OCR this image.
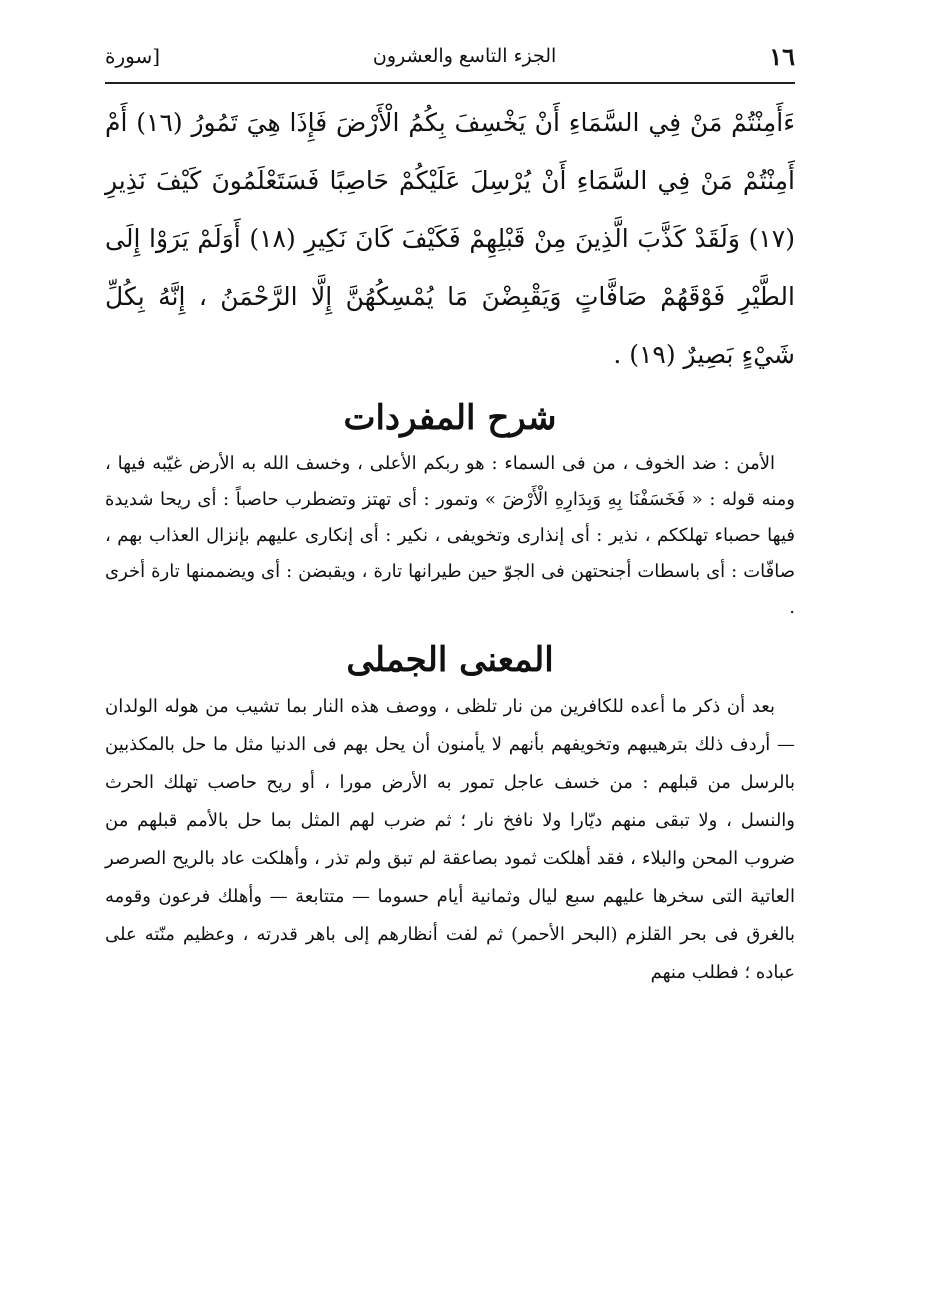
١٦
الجزء التاسع والعشرون
[سورة
ءَأَمِنْتُمْ مَنْ فِي السَّمَاءِ أَنْ يَخْسِفَ بِكُمُ الْأَرْضَ فَإِذَا هِيَ تَمُورُ (١٦) أَمْ أَمِنْتُمْ مَنْ فِي السَّمَاءِ أَنْ يُرْسِلَ عَلَيْكُمْ حَاصِبًا فَسَتَعْلَمُونَ كَيْفَ نَذِيرِ (١٧) وَلَقَدْ كَذَّبَ الَّذِينَ مِنْ قَبْلِهِمْ فَكَيْفَ كَانَ نَكِيرِ (١٨) أَوَلَمْ يَرَوْا إِلَى الطَّيْرِ فَوْقَهُمْ صَافَّاتٍ وَيَقْبِضْنَ مَا يُمْسِكُهُنَّ إِلَّا الرَّحْمَنُ ، إِنَّهُ بِكُلِّ شَيْءٍ بَصِيرٌ (١٩) .
شرح المفردات
الأمن : ضد الخوف ، من فى السماء : هو ربكم الأعلى ، وخسف الله به الأرض غيّبه فيها ، ومنه قوله : « فَخَسَفْنَا بِهِ وَبِدَارِهِ الْأَرْضَ » وتمور : أى تهتز وتضطرب حاصباً : أى ريحا شديدة فيها حصباء تهلككم ، نذير : أى إنذارى وتخويفى ، نكير : أى إنكارى عليهم بإنزال العذاب بهم ، صافّات : أى باسطات أجنحتهن فى الجوّ حين طيرانها تارة ، ويقبضن : أى ويضممنها تارة أخرى .
المعنى الجملى
بعد أن ذكر ما أعده للكافرين من نار تلظى ، ووصف هذه النار بما تشيب من هوله الولدان — أردف ذلك بترهيبهم وتخويفهم بأنهم لا يأمنون أن يحل بهم فى الدنيا مثل ما حل بالمكذبين بالرسل من قبلهم : من خسف عاجل تمور به الأرض مورا ، أو ريح حاصب تهلك الحرث والنسل ، ولا تبقى منهم ديّارا ولا نافخ نار ؛ ثم ضرب لهم المثل بما حل بالأمم قبلهم من ضروب المحن والبلاء ، فقد أهلكت ثمود بصاعقة لم تبق ولم تذر ، وأهلكت عاد بالريح الصرصر العاتية التى سخرها عليهم سبع ليال وثمانية أيام حسوما — متتابعة — وأهلك فرعون وقومه بالغرق فى بحر القلزم (البحر الأحمر) ثم لفت أنظارهم إلى باهر قدرته ، وعظيم منّته على عباده ؛ فطلب منهم
